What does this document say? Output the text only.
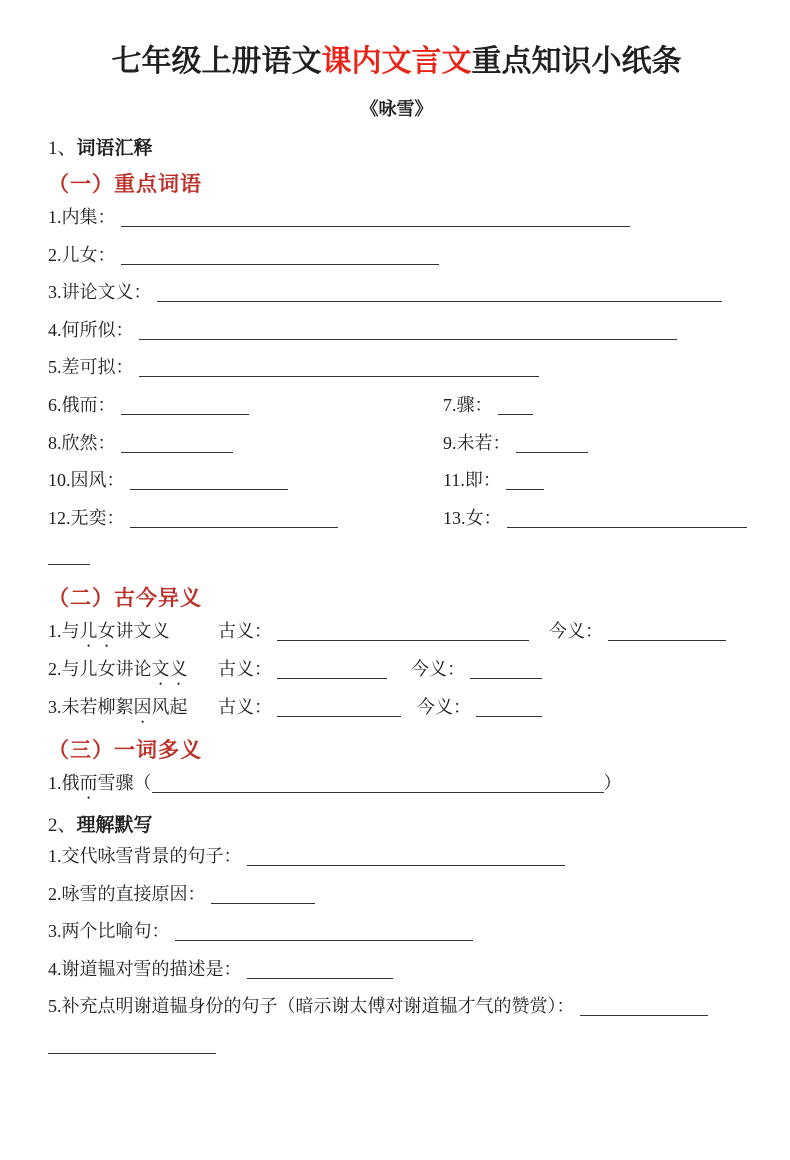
七年级上册语文课内文言文重点知识小纸条
《咏雪》
1、词语汇释
（一）重点词语
1.内集：
2.儿女：
3.讲论文义：
4.何所似：
5.差可拟：
6.俄而：	7.骤：
8.欣然：	9.未若：
10.因风：	11.即：
12.无奕：	13.女：
（二）古今异义
1.与儿女讲文义	古义：	今义：
2.与儿女讲论文义 古义：	今义：
3.未若柳絮因风起 古义：	今义：
（三）一词多义
1.俄而雪骤（	）
2、理解默写
1.交代咏雪背景的句子：
2.咏雪的直接原因：
3.两个比喻句：
4.谢道韫对雪的描述是：
5.补充点明谢道韫身份的句子（暗示谢太傅对谢道韫才气的赞赏）：
